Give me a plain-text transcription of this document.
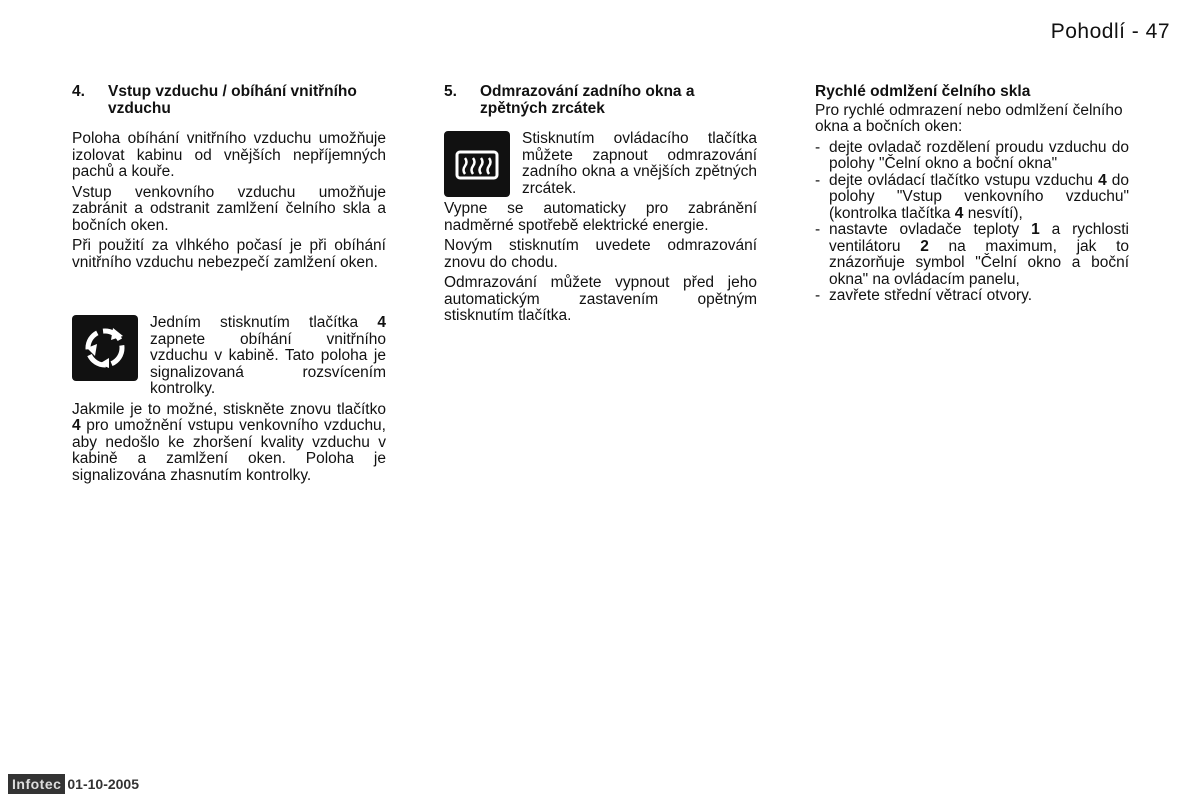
Pohodlí - 47
4.	Vstup vzduchu / obíhání vnitřního vzduchu

Poloha obíhání vnitřního vzduchu umožňuje izolovat kabinu od vnějších nepříjemných pachů a kouře.

Vstup venkovního vzduchu umožňuje zabránit a odstranit zamlžení čelního skla a bočních oken.

Při použití za vlhkého počasí je při obíhání vnitřního vzduchu nebezpečí zamlžení oken.

Jedním stisknutím tlačítka 4 zapnete obíhání vnitřního vzduchu v kabině. Tato poloha je signalizovaná rozsvícením kontrolky.

Jakmile je to možné, stiskněte znovu tlačítko 4 pro umožnění vstupu venkovního vzduchu, aby nedošlo ke zhoršení kvality vzduchu v kabině a zamlžení oken. Poloha je signalizována zhasnutím kontrolky.

5.	Odmrazování zadního okna a zpětných zrcátek
Stisknutím ovládacího tlačítka můžete zapnout odmrazování zadního okna a vnějších zpětných zrcátek.

Vypne se automaticky pro zabránění nadměrné spotřebě elektrické energie.

Novým stisknutím uvedete odmrazování znovu do chodu.

Odmrazování můžete vypnout před jeho automatickým zastavením opětným stisknutím tlačítka.

Rychlé odmlžení čelního skla

Pro rychlé odmrazení nebo odmlžení čelního okna a bočních oken:

- dejte ovladač rozdělení proudu vzduchu do polohy "Čelní okno a boční okna"
- dejte ovládací tlačítko vstupu vzduchu 4 do polohy "Vstup venkovního vzduchu" (kontrolka tlačítka 4 nesvítí),
- nastavte ovladače teploty 1 a rychlosti ventilátoru 2 na maximum, jak to znázorňuje symbol "Čelní okno a boční okna" na ovládacím panelu,
- zavřete střední větrací otvory.
Infotec 01-10-2005
